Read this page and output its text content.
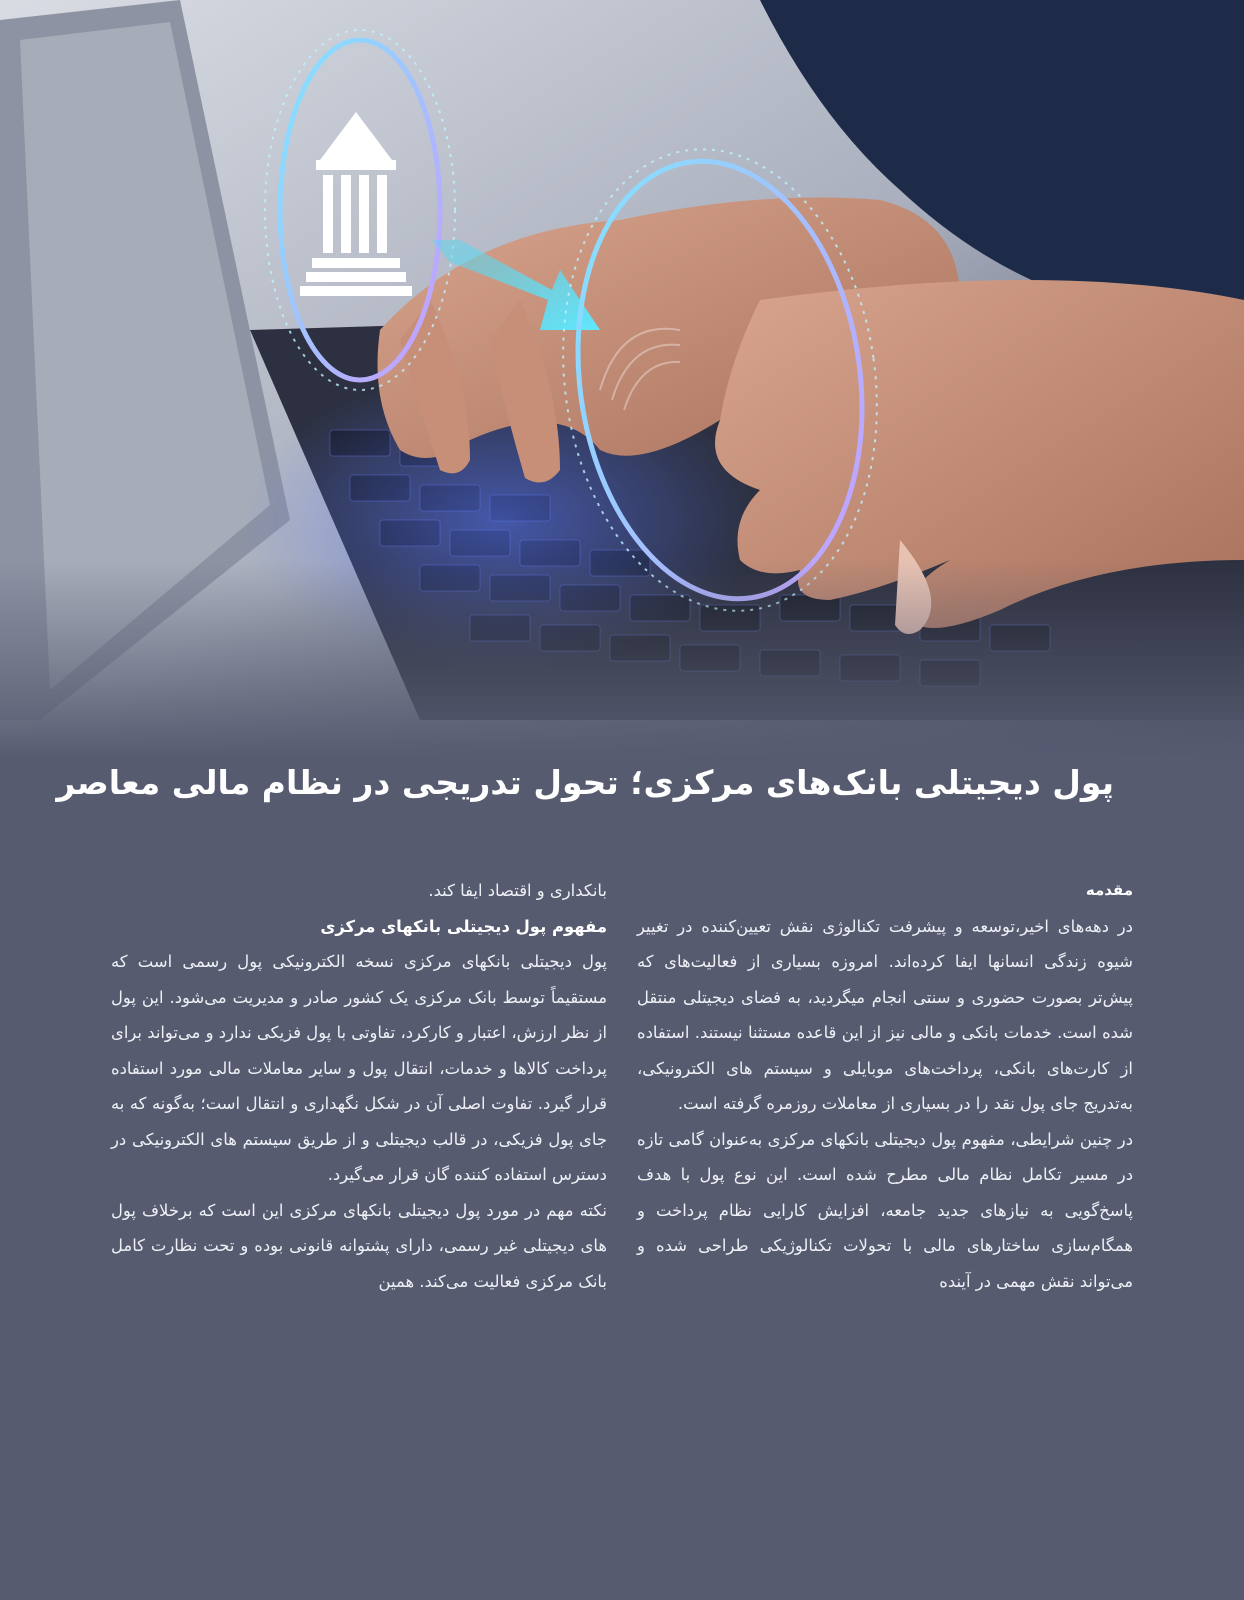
پول دیجیتلی بانک‌های مرکزی؛ تحول تدریجی در نظام مالی معاصر

مقدمه

در دهه‌های اخیر،توسعه و پیشرفت تکنالوژی نقش تعیین‌کننده در تغییر شیوه زندگی انسانها ایفا کرده‌اند. امروزه بسیاری از فعالیت‌های که پیش‌تر بصورت حضوری و سنتی انجام میگردید، به فضای دیجیتلی منتقل شده است. خدمات بانکی و مالی نیز از این قاعده مستثنا نیستند. استفاده از کارت‌های بانکی، پرداخت‌های موبایلی و سیستم های الکترونیکی، به‌تدریج جای پول نقد را در بسیاری از معاملات روزمره گرفته است.

در چنین شرایطی، مفهوم پول دیجیتلی بانکهای مرکزی به‌عنوان گامی تازه در مسیر تکامل نظام مالی مطرح شده است. این نوع پول با هدف پاسخ‌گویی به نیازهای جدید جامعه، افزایش کارایی نظام پرداخت و همگام‌سازی ساختارهای مالی با تحولات تکنالوژیکی طراحی شده و می‌تواند نقش مهمی در آینده

بانکداری و اقتصاد ایفا کند.

مفهوم پول دیجیتلی بانکهای مرکزی

پول دیجیتلی بانکهای مرکزی نسخه الکترونیکی پول رسمی است که مستقیماً توسط بانک مرکزی یک کشور صادر و مدیریت می‌شود. این پول از نظر ارزش، اعتبار و کارکرد، تفاوتی با پول فزیکی ندارد و می‌تواند برای پرداخت کالاها و خدمات، انتقال پول و سایر معاملات مالی مورد استفاده قرار گیرد. تفاوت اصلی آن در شکل نگهداری و انتقال است؛ به‌گونه که به جای پول فزیکی، در قالب دیجیتلی و از طریق سیستم های الکترونیکی در دسترس استفاده کننده گان قرار می‌گیرد.

نکته مهم در مورد پول دیجیتلی بانکهای مرکزی این است که برخلاف پول های دیجیتلی غیر رسمی، دارای پشتوانه قانونی بوده و تحت نظارت کامل بانک مرکزی فعالیت می‌کند. همین
